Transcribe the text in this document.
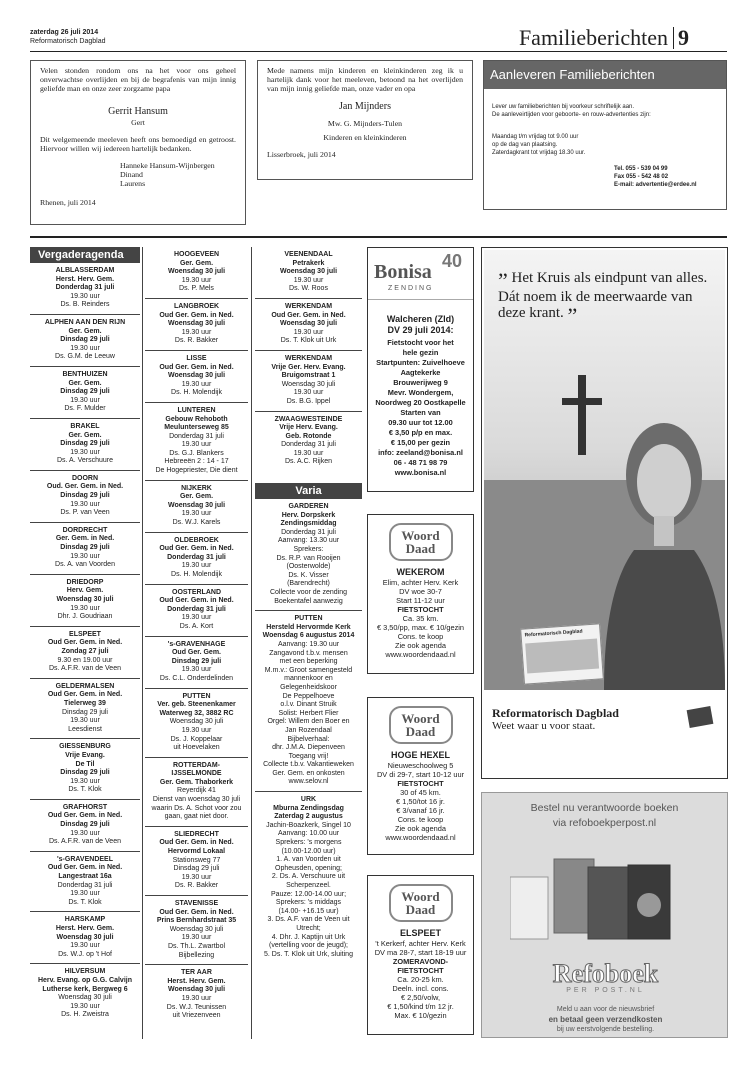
zaterdag 26 juli 2014
Reformatorisch Dagblad	Familieberichten 9
Velen stonden rondom ons na het voor ons geheel onverwachtse overlijden en bij de begrafenis van mijn innig geliefde man en onze zeer zorgzame papa
Gerrit Hansum
Gert
Dit welgemeende meeleven heeft ons bemoedigd en getroost. Hiervoor willen wij iedereen hartelijk bedanken.
Hanneke Hansum-Wijnbergen
Dinand
Laurens
Rhenen, juli 2014
Mede namens mijn kinderen en kleinkinderen zeg ik u hartelijk dank voor het meeleven, betoond na het overlijden van mijn innig geliefde man, onze vader en opa
Jan Mijnders
Mw. G. Mijnders-Tulen
Kinderen en kleinkinderen
Lisserbroek, juli 2014
Aanleveren Familieberichten
Lever uw familieberichten bij voorkeur schriftelijk aan.
De aanleveirtijden voor geboorte- en rouw-advertenties zijn:
Maandag t/m vrijdag tot 9.00 uur
op de dag van plaatsing.
Zaterdagkrant tot vrijdag 18.30 uur.
Tel. 055 - 539 04 99
Fax 055 - 542 48 02
E-mail: advertentie@erdee.nl
Vergaderagenda
ALBLASSERDAM
Herst. Herv. Gem.
Donderdag 31 juli
19.30 uur
Ds. B. Reinders
ALPHEN AAN DEN RIJN
Ger. Gem.
Dinsdag 29 juli
19.30 uur
Ds. G.M. de Leeuw
BENTHUIZEN
Ger. Gem.
Dinsdag 29 juli
19.30 uur
Ds. F. Mulder
BRAKEL
Ger. Gem.
Dinsdag 29 juli
19.30 uur
Ds. A. Verschuure
DOORN
Oud. Ger. Gem. in Ned.
Dinsdag 29 juli
19.30 uur
Ds. P. van Veen
DORDRECHT
Ger. Gem. in Ned.
Dinsdag 29 juli
19.30 uur
Ds. A. van Voorden
DRIEDORP
Herv. Gem.
Woensdag 30 juli
19.30 uur
Dhr. J. Goudriaan
ELSPEET
Oud Ger. Gem. in Ned.
Zondag 27 juli
9.30 en 19.00 uur
Ds. A.F.R. van de Veen
GELDERMALSEN
Oud Ger. Gem. in Ned.
Tielerweg 39
Dinsdag 29 juli
19.30 uur
Leesdienst
GIESSENBURG
Vrije Evang.
De Til
Dinsdag 29 juli
19.30 uur
Ds. T. Klok
GRAFHORST
Oud Ger. Gem. in Ned.
Dinsdag 29 juli
19.30 uur
Ds. A.F.R. van de Veen
's-GRAVENDEEL
Oud Ger. Gem. in Ned.
Langestraat 16a
Donderdag 31 juli
19.30 uur
Ds. T. Klok
HARSKAMP
Herst. Herv. Gem.
Woensdag 30 juli
19.30 uur
Ds. W.J. op 't Hof
HILVERSUM
Herv. Evang. op G.G. Calvijn
Lutherse kerk, Bergweg 6
Woensdag 30 juli
19.30 uur
Ds. H. Zweistra
HOOGEVEEN
Ger. Gem.
Woensdag 30 juli
19.30 uur
Ds. P. Mels
LANGBROEK
Oud Ger. Gem. in Ned.
Woensdag 30 juli
19.30 uur
Ds. R. Bakker
LISSE
Oud Ger. Gem. in Ned.
Woensdag 30 juli
19.30 uur
Ds. H. Molendijk
LUNTEREN
Gebouw Rehoboth
Meulunterseweg 85
Donderdag 31 juli
19.30 uur
Ds. G.J. Blankers
Hebreeën 2 : 14 - 17
De Hogepriester, Die dient
NIJKERK
Ger. Gem.
Woensdag 30 juli
19.30 uur
Ds. W.J. Karels
OLDEBROEK
Oud Ger. Gem. in Ned.
Donderdag 31 juli
19.30 uur
Ds. H. Molendijk
OOSTERLAND
Oud Ger. Gem. in Ned.
Donderdag 31 juli
19.30 uur
Ds. A. Kort
's-GRAVENHAGE
Oud Ger. Gem.
Dinsdag 29 juli
19.30 uur
Ds. C.L. Onderdelinden
PUTTEN
Ver. geb. Steenenkamer
Waterweg 32, 3882 RC
Woensdag 30 juli
19.30 uur
Ds. J. Koppelaar
uit Hoevelaken
ROTTERDAM-
IJSSELMONDE
Ger. Gem. Thaborkerk
Reyerdijk 41
Dienst van woensdag 30 juli
waarin Ds. A. Schot voor zou
gaan, gaat niet door.
SLIEDRECHT
Oud Ger. Gem. in Ned.
Hervormd Lokaal
Stationsweg 77
Dinsdag 29 juli
19.30 uur
Ds. R. Bakker
STAVENISSE
Oud Ger. Gem. in Ned.
Prins Bernhardstraat 35
Woensdag 30 juli
19.30 uur
Ds. Th.L. Zwartbol
Bijbellezing
TER AAR
Herst. Herv. Gem.
Woensdag 30 juli
19.30 uur
Ds. W.J. Teunissen
uit Vriezenveen
VEENENDAAL
Petrakerk
Woensdag 30 juli
19.30 uur
Ds. W. Roos
WERKENDAM
Oud Ger. Gem. in Ned.
Woensdag 30 juli
19.30 uur
Ds. T. Klok uit Urk
WERKENDAM
Vrije Ger. Herv. Evang.
Bruigomstraat 1
Woensdag 30 juli
19.30 uur
Ds. B.G. Ippel
ZWAAGWESTEINDE
Vrije Herv. Evang.
Geb. Rotonde
Donderdag 31 juli
19.30 uur
Ds. A.C. Rijken
Varia
GARDEREN
Herv. Dorpskerk
Zendingsmiddag
Donderdag 31 juli
Aanvang: 13.30 uur
Sprekers:
Ds. R.P. van Rooijen
(Oosterwolde)
Ds. K. Visser
(Barendrecht)
Collecte voor de zending
Boekentafel aanwezig
PUTTEN
Hersteld Hervormde Kerk
Woensdag 6 augustus 2014
Aanvang: 19.30 uur
Zangavond t.b.v. mensen
met een beperking
M.m.v.: Groot samengesteld
mannenkoor en
Gelegenheidskoor
De Peppelhoeve
o.l.v. Dinant Struik
Solist: Herbert Flier
Orgel: Willem den Boer en
Jan Rozendaal
Bijbelverhaal:
dhr. J.M.A. Diepenveen
Toegang vrij!
Collecte t.b.v. Vakantieweken
Ger. Gem. en onkosten
www.selov.nl
URK
Mburna Zendingsdag
Zaterdag 2 augustus
Jachin-Boazkerk, Singel 10
Aanvang: 10.00 uur
Sprekers: 's morgens
(10.00-12.00 uur)
1. A. van Voorden uit
Opheusden, opening;
2. Ds. A. Verschuure uit
Scherpenzeel.
Pauze: 12.00-14.00 uur;
Sprekers: 's middags
(14.00- +16.15 uur)
3. Ds. A.F. van de Veen uit
Utrecht;
4. Dhr. J. Kaptijn uit Urk
(vertelling voor de jeugd);
5. Ds. T. Klok uit Urk, sluiting
Bonisa 40
ZENDING
Walcheren (Zld)
DV 29 juli 2014:
Fietstocht voor het
hele gezin
Startpunten: Zuivelhoeve
Aagtekerke
Brouwerijweg 9
Mevr. Wondergem,
Noordweg 20 Oostkapelle
Starten van
09.30 uur tot 12.00
€ 3,50 p/p en max.
€ 15,00 per gezin
info: zeeland@bonisa.nl
06 - 48 71 98 79
www.bonisa.nl
Woord
Daad
WEKEROM
Elim, achter Herv. Kerk
DV woe 30-7
Start 11-12 uur
FIETSTOCHT
Ca. 35 km.
€ 3,50/pp, max. € 10/gezin
Cons. te koop
Zie ook agenda
www.woordendaad.nl
Woord
Daad
HOGE HEXEL
Nieuweschoolweg 5
DV di 29-7, start 10-12 uur
FIETSTOCHT
30 of 45 km.
€ 1,50/tot 16 jr.
€ 3/vanaf 16 jr.
Cons. te koop
Zie ook agenda
www.woordendaad.nl
Woord
Daad
ELSPEET
't Kerkerf, achter Herv. Kerk
DV ma 28-7, start 18-19 uur
ZOMERAVOND-
FIETSTOCHT
Ca. 20-25 km.
Deeln. incl. cons.
€ 2,50/volw,
€ 1,50/kind t/m 12 jr.
Max. € 10/gezin
” Het Kruis als eindpunt van alles. Dát noem ik de meerwaarde van deze krant. ”
Reformatorisch Dagblad
Reformatorisch Dagblad
Weet waar u voor staat.
Bestel nu verantwoorde boeken
via refoboekperpost.nl
Refoboek
PER POST.NL
Meld u aan voor de nieuwsbrief
en betaal geen verzendkosten
bij uw eerstvolgende bestelling.
